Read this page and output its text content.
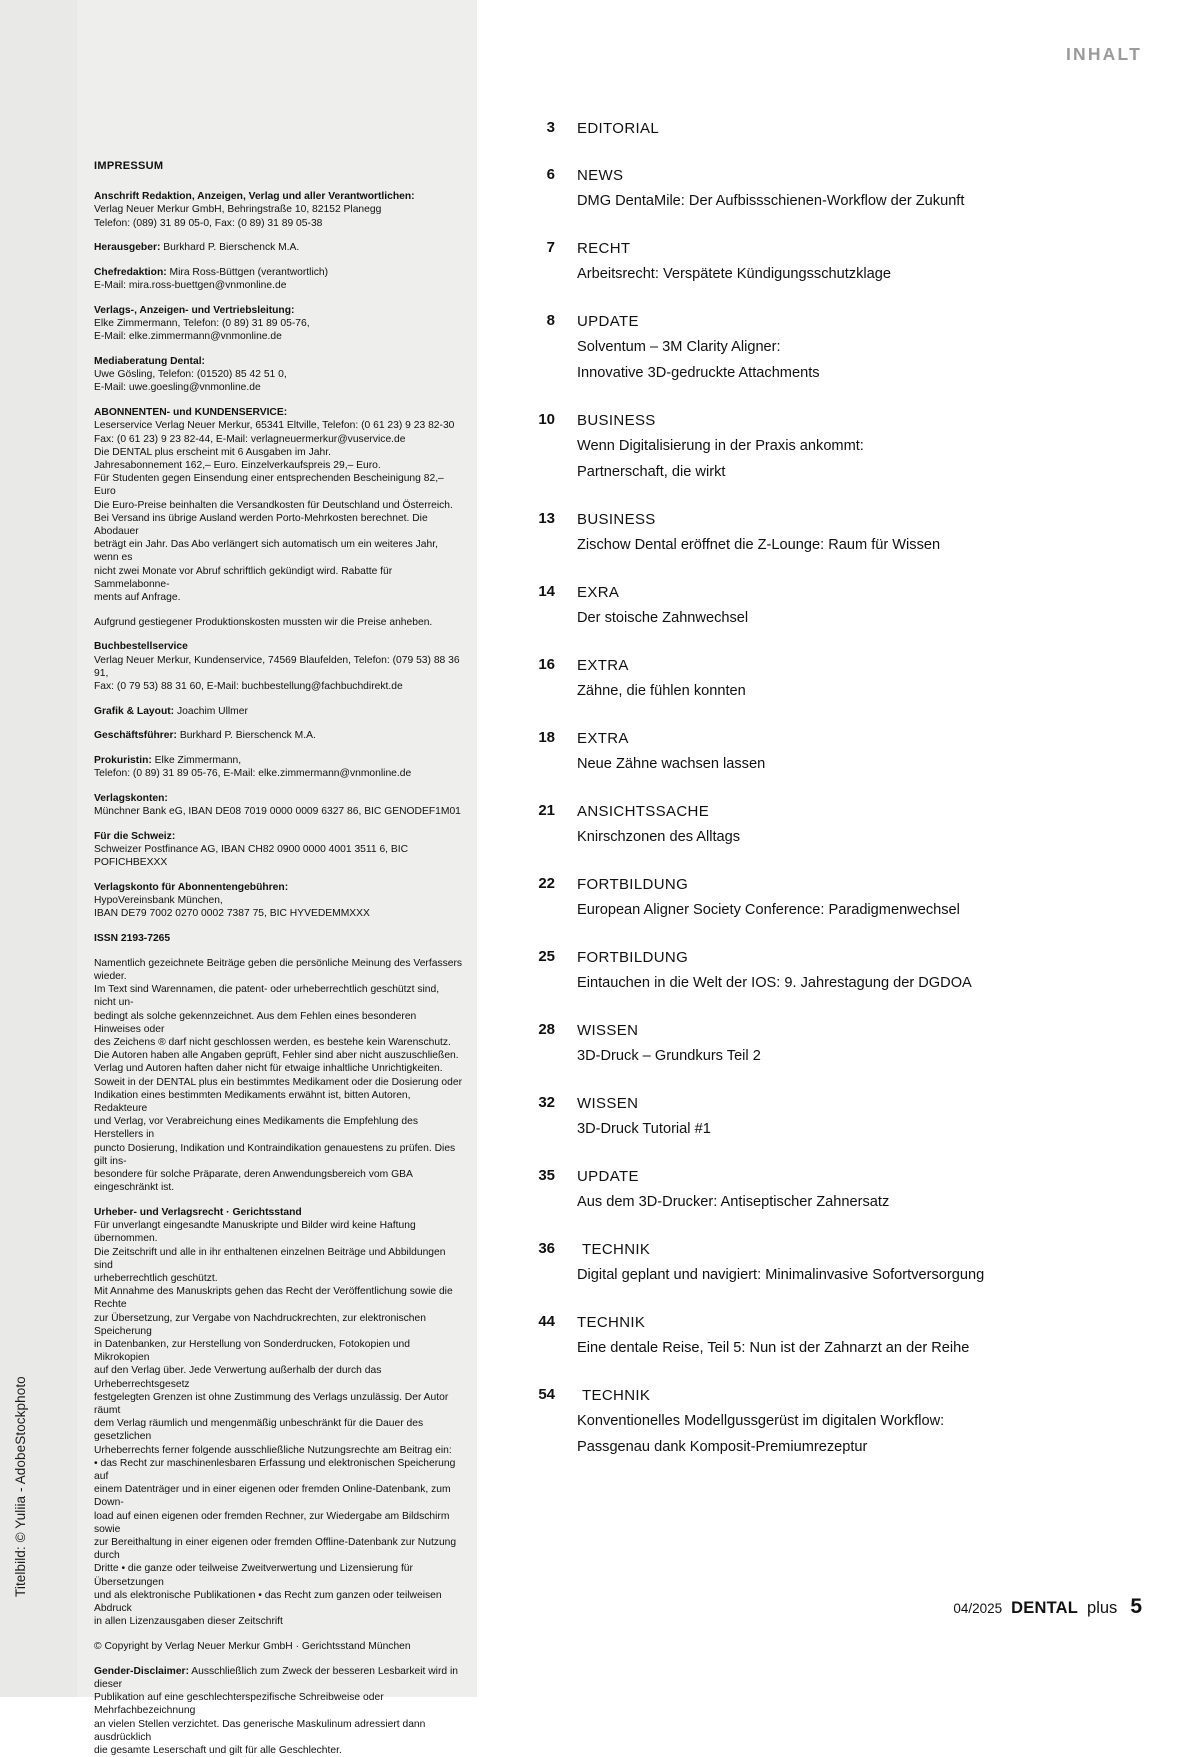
Titelbild: © Yuliia - AdobeStockphoto
INHALT
IMPRESSUM
Anschrift Redaktion, Anzeigen, Verlag und aller Verantwortlichen:

Verlag Neuer Merkur GmbH, Behringstraße 10, 82152 Planegg
Telefon: (089) 31 89 05-0, Fax: (0 89) 31 89 05-38
Herausgeber: Burkhard P. Bierschenck M.A.
Chefredaktion: Mira Ross-Büttgen (verantwortlich)

E-Mail: mira.ross-buettgen@vnmonline.de
Verlags-, Anzeigen- und Vertriebsleitung:

Elke Zimmermann, Telefon: (0 89) 31 89 05-76,
E-Mail: elke.zimmermann@vnmonline.de
Mediaberatung Dental:

Uwe Gösling, Telefon: (01520) 85 42 51 0,
E-Mail: uwe.goesling@vnmonline.de
ABONNENTEN- und KUNDENSERVICE:

Leserservice Verlag Neuer Merkur, 65341 Eltville, Telefon: (0 61 23) 9 23 82-30
Fax: (0 61 23) 9 23 82-44, E-Mail: verlagneuermerkur@vuservice.de
Die DENTAL plus erscheint mit 6 Ausgaben im Jahr.
Jahresabonnement 162,– Euro. Einzelverkaufspreis 29,– Euro.
Für Studenten gegen Einsendung einer entsprechenden Bescheinigung 82,– Euro
Die Euro-Preise beinhalten die Versandkosten für Deutschland und Österreich.
Bei Versand ins übrige Ausland werden Porto-Mehrkosten berechnet. Die Abodauer
beträgt ein Jahr. Das Abo verlängert sich automatisch um ein weiteres Jahr, wenn es
nicht zwei Monate vor Abruf schriftlich gekündigt wird. Rabatte für Sammelabonne-
ments auf Anfrage.
Aufgrund gestiegener Produktionskosten mussten wir die Preise anheben.
Buchbestellservice

Verlag Neuer Merkur, Kundenservice, 74569 Blaufelden, Telefon: (079 53) 88 36 91,
Fax: (0 79 53) 88 31 60, E-Mail: buchbestellung@fachbuchdirekt.de
Grafik & Layout: Joachim Ullmer
Geschäftsführer: Burkhard P. Bierschenck M.A.
Prokuristin: Elke Zimmermann,

Telefon: (0 89) 31 89 05-76, E-Mail: elke.zimmermann@vnmonline.de
Verlagskonten:

Münchner Bank eG, IBAN DE08 7019 0000 0009 6327 86, BIC GENODEF1M01
Für die Schweiz:

Schweizer Postfinance AG, IBAN CH82 0900 0000 4001 3511 6, BIC POFICHBEXXX
Verlagskonto für Abonnentengebühren:

HypoVereinsbank München,
IBAN DE79 7002 0270 0002 7387 75, BIC HYVEDEMMXXX
ISSN 2193-7265
Namentlich gezeichnete Beiträge geben die persönliche Meinung des Verfassers wieder.
Im Text sind Warennamen, die patent- oder urheberrechtlich geschützt sind, nicht un-
bedingt als solche gekennzeichnet. Aus dem Fehlen eines besonderen Hinweises oder
des Zeichens ® darf nicht geschlossen werden, es bestehe kein Warenschutz.
Die Autoren haben alle Angaben geprüft, Fehler sind aber nicht auszuschließen.
Verlag und Autoren haften daher nicht für etwaige inhaltliche Unrichtigkeiten.
Soweit in der DENTAL plus ein bestimmtes Medikament oder die Dosierung oder
Indikation eines bestimmten Medikaments erwähnt ist, bitten Autoren, Redakteure
und Verlag, vor Verabreichung eines Medikaments die Empfehlung des Herstellers in
puncto Dosierung, Indikation und Kontraindikation genauestens zu prüfen. Dies gilt ins-
besondere für solche Präparate, deren Anwendungsbereich vom GBA eingeschränkt ist.
Urheber- und Verlagsrecht · Gerichtsstand
Für unverlangt eingesandte Manuskripte und Bilder wird keine Haftung übernommen.
Die Zeitschrift und alle in ihr enthaltenen einzelnen Beiträge und Abbildungen sind
urheberrechtlich geschützt.
Mit Annahme des Manuskripts gehen das Recht der Veröffentlichung sowie die Rechte
zur Übersetzung, zur Vergabe von Nachdruckrechten, zur elektronischen Speicherung
in Datenbanken, zur Herstellung von Sonderdrucken, Fotokopien und Mikrokopien
auf den Verlag über. Jede Verwertung außerhalb der durch das Urheberrechtsgesetz
festgelegten Grenzen ist ohne Zustimmung des Verlags unzulässig. Der Autor räumt
dem Verlag räumlich und mengenmäßig unbeschränkt für die Dauer des gesetzlichen
Urheberrechts ferner folgende ausschließliche Nutzungsrechte am Beitrag ein:
• das Recht zur maschinenlesbaren Erfassung und elektronischen Speicherung auf
einem Datenträger und in einer eigenen oder fremden Online-Datenbank, zum Down-
load auf einen eigenen oder fremden Rechner, zur Wiedergabe am Bildschirm sowie
zur Bereithaltung in einer eigenen oder fremden Offline-Datenbank zur Nutzung durch
Dritte • die ganze oder teilweise Zweitverwertung und Lizensierung für Übersetzungen
und als elektronische Publikationen • das Recht zum ganzen oder teilweisen Abdruck
in allen Lizenzausgaben dieser Zeitschrift
© Copyright by Verlag Neuer Merkur GmbH · Gerichtsstand München
Gender-Disclaimer: Ausschließlich zum Zweck der besseren Lesbarkeit wird in dieser
Publikation auf eine geschlechterspezifische Schreibweise oder Mehrfachbezeichnung
an vielen Stellen verzichtet. Das generische Maskulinum adressiert dann ausdrücklich
die gesamte Leserschaft und gilt für alle Geschlechter.
3 EDITORIAL
6 NEWS
DMG DentaMile: Der Aufbissschienen-Workflow der Zukunft
7 RECHT
Arbeitsrecht: Verspätete Kündigungsschutzklage
8 UPDATE
Solventum – 3M Clarity Aligner:
Innovative 3D-gedruckte Attachments
10 BUSINESS
Wenn Digitalisierung in der Praxis ankommt:
Partnerschaft, die wirkt
13 BUSINESS
Zischow Dental eröffnet die Z-Lounge: Raum für Wissen
14 EXRA
Der stoische Zahnwechsel
16 EXTRA
Zähne, die fühlen konnten
18 EXTRA
Neue Zähne wachsen lassen
21 ANSICHTSSACHE
Knirschzonen des Alltags
22 FORTBILDUNG
European Aligner Society Conference: Paradigmenwechsel
25 FORTBILDUNG
Eintauchen in die Welt der IOS: 9. Jahrestagung der DGDOA
28 WISSEN
3D-Druck – Grundkurs Teil 2
32 WISSEN
3D-Druck Tutorial #1
35 UPDATE
Aus dem 3D-Drucker: Antiseptischer Zahnersatz
36	TECHNIK
Digital geplant und navigiert: Minimalinvasive Sofortversorgung
44 TECHNIK
Eine dentale Reise, Teil 5: Nun ist der Zahnarzt an der Reihe
54	TECHNIK
Konventionelles Modellgussgerüst im digitalen Workflow:
Passgenau dank Komposit-Premiumrezeptur
04/2025 DENTAL plus 5
